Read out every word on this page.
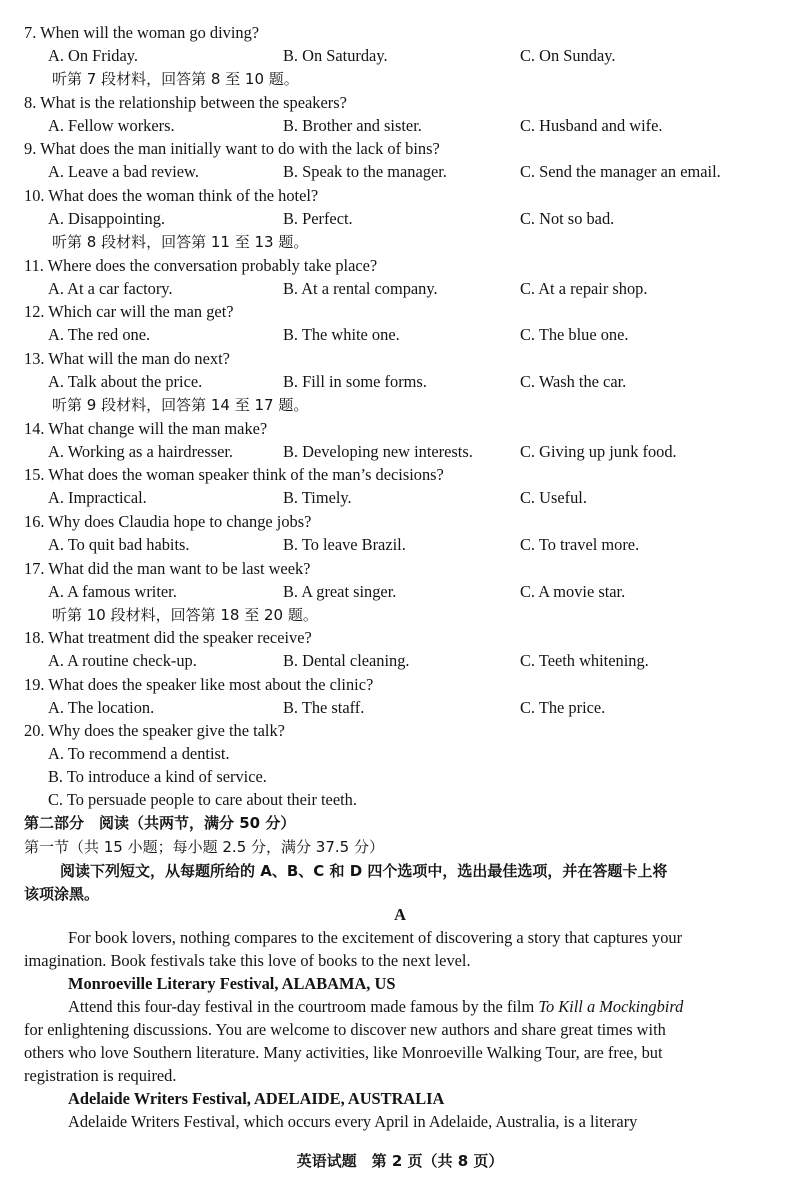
7. When will the woman go diving?
A. On Friday.	B. On Saturday.	C. On Sunday.
听第 7 段材料，回答第 8 至 10 题。
8. What is the relationship between the speakers?
A. Fellow workers.	B. Brother and sister.	C. Husband and wife.
9. What does the man initially want to do with the lack of bins?
A. Leave a bad review.	B. Speak to the manager.	C. Send the manager an email.
10. What does the woman think of the hotel?
A. Disappointing.	B. Perfect.	C. Not so bad.
听第 8 段材料，回答第 11 至 13 题。
11. Where does the conversation probably take place?
A. At a car factory.	B. At a rental company.	C. At a repair shop.
12. Which car will the man get?
A. The red one.	B. The white one.	C. The blue one.
13. What will the man do next?
A. Talk about the price.	B. Fill in some forms.	C. Wash the car.
听第 9 段材料，回答第 14 至 17 题。
14. What change will the man make?
A. Working as a hairdresser.	B. Developing new interests.	C. Giving up junk food.
15. What does the woman speaker think of the man’s decisions?
A. Impractical.	B. Timely.	C. Useful.
16. Why does Claudia hope to change jobs?
A. To quit bad habits.	B. To leave Brazil.	C. To travel more.
17. What did the man want to be last week?
A. A famous writer.	B. A great singer.	C. A movie star.
听第 10 段材料，回答第 18 至 20 题。
18. What treatment did the speaker receive?
A. A routine check-up.	B. Dental cleaning.	C. Teeth whitening.
19. What does the speaker like most about the clinic?
A. The location.	B. The staff.	C. The price.
20. Why does the speaker give the talk?
A. To recommend a dentist.
B. To introduce a kind of service.
C. To persuade people to care about their teeth.
第二部分　阅读（共两节，满分 50 分）
第一节（共 15 小题；每小题 2.5 分，满分 37.5 分）
阅读下列短文，从每题所给的 A、B、C 和 D 四个选项中，选出最佳选项，并在答题卡上将
该项涂黑。
A
For book lovers, nothing compares to the excitement of discovering a story that captures your
imagination. Book festivals take this love of books to the next level.
Monroeville Literary Festival, ALABAMA, US
Attend this four-day festival in the courtroom made famous by the film To Kill a Mockingbird
for enlightening discussions. You are welcome to discover new authors and share great times with
others who love Southern literature. Many activities, like Monroeville Walking Tour, are free, but
registration is required.
Adelaide Writers Festival, ADELAIDE, AUSTRALIA
Adelaide Writers Festival, which occurs every April in Adelaide, Australia, is a literary
英语试题　第 2 页（共 8 页）
